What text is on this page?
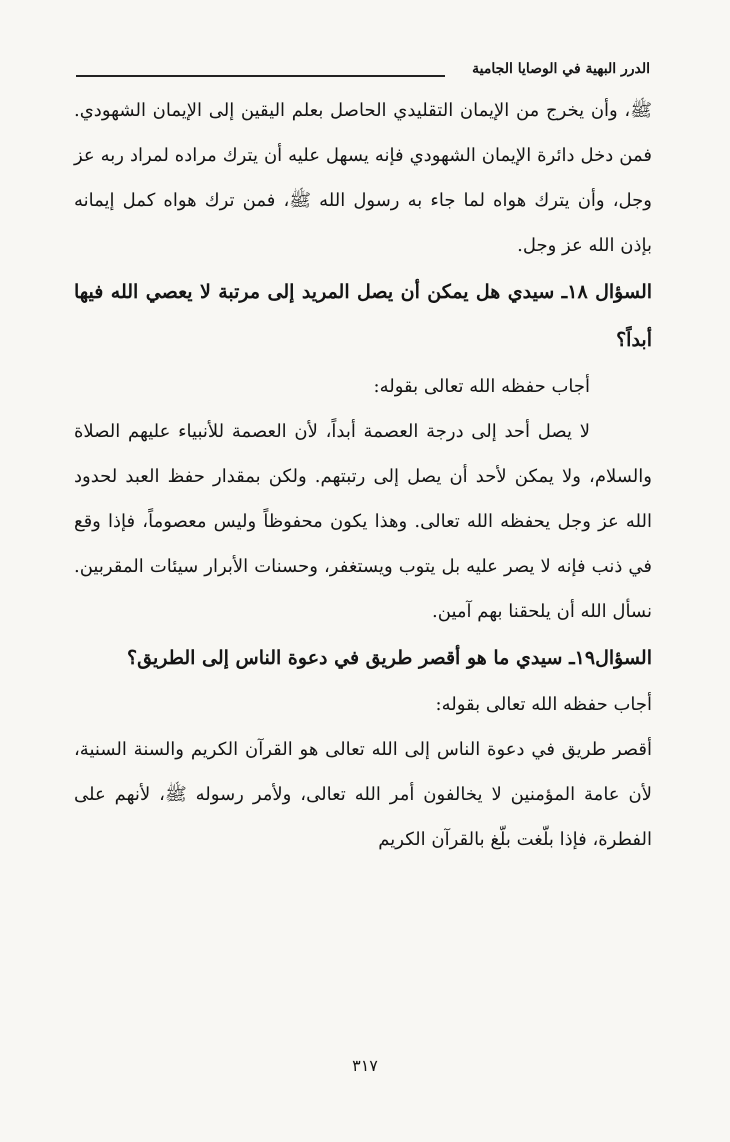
الدرر البهية في الوصايا الجامية

ﷺ، وأن يخرج من الإيمان التقليدي الحاصل بعلم اليقين إلى الإيمان الشهودي. فمن دخل دائرة الإيمان الشهودي فإنه يسهل عليه أن يترك مراده لمراد ربه عز وجل، وأن يترك هواه لما جاء به رسول الله ﷺ، فمن ترك هواه كمل إيمانه بإذن الله عز وجل.

السؤال ١٨ـ سيدي هل يمكن أن يصل المريد إلى مرتبة لا يعصي الله فيها أبداً؟

أجاب حفظه الله تعالى بقوله:

لا يصل أحد إلى درجة العصمة أبداً، لأن العصمة للأنبياء عليهم الصلاة والسلام، ولا يمكن لأحد أن يصل إلى رتبتهم. ولكن بمقدار حفظ العبد لحدود الله عز وجل يحفظه الله تعالى. وهذا يكون محفوظاً وليس معصوماً، فإذا وقع في ذنب فإنه لا يصر عليه بل يتوب ويستغفر، وحسنات الأبرار سيئات المقربين. نسأل الله أن يلحقنا بهم آمين.

السؤال١٩ـ سيدي ما هو أقصر طريق في دعوة الناس إلى الطريق؟

أجاب حفظه الله تعالى بقوله:

أقصر طريق في دعوة الناس إلى الله تعالى هو القرآن الكريم والسنة السنية، لأن عامة المؤمنين لا يخالفون أمر الله تعالى، ولأمر رسوله ﷺ، لأنهم على الفطرة، فإذا بلّغت بلّغ بالقرآن الكريم

٣١٧
